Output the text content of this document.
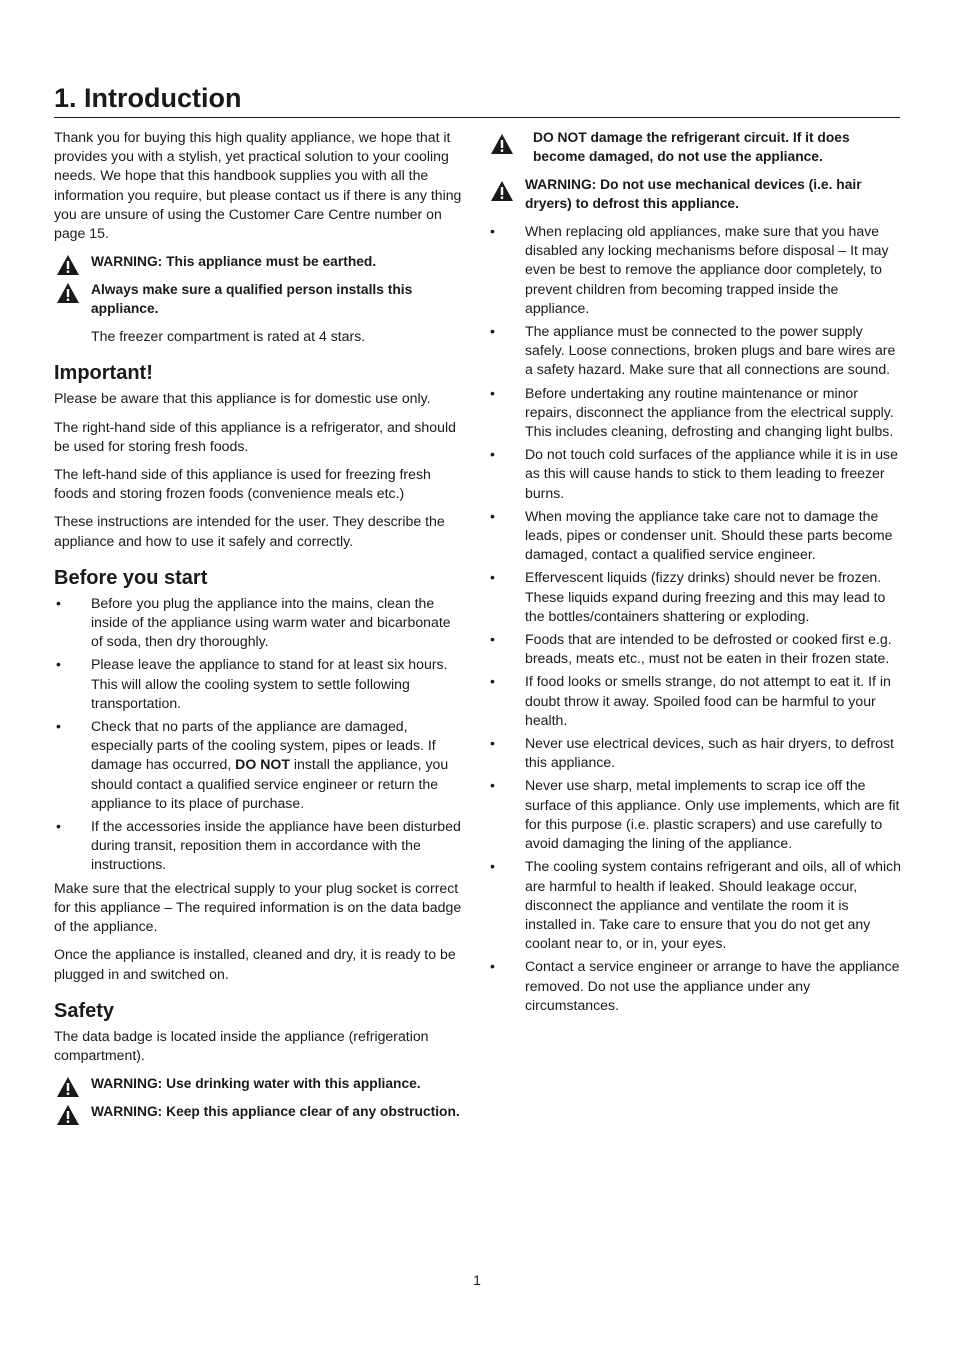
1. Introduction

Thank you for buying this high quality appliance, we hope that it provides you with a stylish, yet practical solution to your cooling needs. We hope that this handbook supplies you with all the information you require, but please contact us if there is any thing you are unsure of using the Customer Care Centre number on page 15.

WARNING: This appliance must be earthed.
Always make sure a qualified person installs this appliance.

The freezer compartment is rated at 4 stars.

Important!

Please be aware that this appliance is for domestic use only.

The right-hand side of this appliance is a refrigerator, and should be used for storing fresh foods.

The left-hand side of this appliance is used for freezing fresh foods and storing frozen foods (convenience meals etc.)

These instructions are intended for the user. They describe the appliance and how to use it safely and correctly.

Before you start
• Before you plug the appliance into the mains, clean the inside of the appliance using warm water and bicarbonate of soda, then dry thoroughly.
• Please leave the appliance to stand for at least six hours. This will allow the cooling system to settle following transportation.
• Check that no parts of the appliance are damaged, especially parts of the cooling system, pipes or leads. If damage has occurred, DO NOT install the appliance, you should contact a qualified service engineer or return the appliance to its place of purchase.
• If the accessories inside the appliance have been disturbed during transit, reposition them in accordance with the instructions.

Make sure that the electrical supply to your plug socket is correct for this appliance – The required information is on the data badge of the appliance.

Once the appliance is installed, cleaned and dry, it is ready to be plugged in and switched on.

Safety

The data badge is located inside the appliance (refrigeration compartment).

WARNING: Use drinking water with this appliance.
WARNING: Keep this appliance clear of any obstruction.
DO NOT damage the refrigerant circuit. If it does become damaged, do not use the appliance.
WARNING: Do not use mechanical devices (i.e. hair dryers) to defrost this appliance.
• When replacing old appliances, make sure that you have disabled any locking mechanisms before disposal – It may even be best to remove the appliance door completely, to prevent children from becoming trapped inside the appliance.
• The appliance must be connected to the power supply safely. Loose connections, broken plugs and bare wires are a safety hazard. Make sure that all connections are sound.
• Before undertaking any routine maintenance or minor repairs, disconnect the appliance from the electrical supply. This includes cleaning, defrosting and changing light bulbs.
• Do not touch cold surfaces of the appliance while it is in use as this will cause hands to stick to them leading to freezer burns.
• When moving the appliance take care not to damage the leads, pipes or condenser unit. Should these parts become damaged, contact a qualified service engineer.
• Effervescent liquids (fizzy drinks) should never be frozen. These liquids expand during freezing and this may lead to the bottles/containers shattering or exploding.
• Foods that are intended to be defrosted or cooked first e.g. breads, meats etc., must not be eaten in their frozen state.
• If food looks or smells strange, do not attempt to eat it. If in doubt throw it away. Spoiled food can be harmful to your health.
• Never use electrical devices, such as hair dryers, to defrost this appliance.
• Never use sharp, metal implements to scrap ice off the surface of this appliance. Only use implements, which are fit for this purpose (i.e. plastic scrapers) and use carefully to avoid damaging the lining of the appliance.
• The cooling system contains refrigerant and oils, all of which are harmful to health if leaked. Should leakage occur, disconnect the appliance and ventilate the room it is installed in. Take care to ensure that you do not get any coolant near to, or in, your eyes.
• Contact a service engineer or arrange to have the appliance removed. Do not use the appliance under any circumstances.
1
